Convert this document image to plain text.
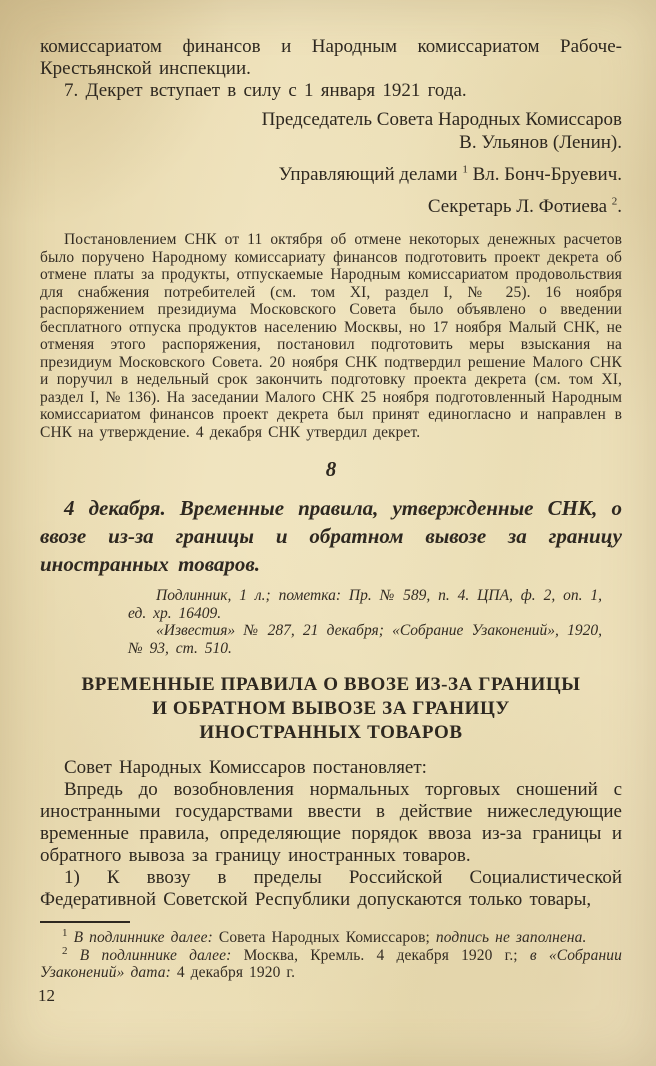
комиссариатом финансов и Народным комиссариатом Рабоче-Крестьянской инспекции.

7. Декрет вступает в силу с 1 января 1921 года.

Председатель Совета Народных Комиссаров

В. Ульянов (Ленин).

Управляющий делами $^1$ Вл. Бонч-Бруевич.

Секретарь Л. Фотиева $^2$.

Постановлением СНК от 11 октября об отмене некоторых денежных расчетов было поручено Народному комиссариату финансов подготовить проект декрета об отмене платы за продукты, отпускаемые Народным комиссариатом продовольствия для снабжения потребителей (см. том XI, раздел I, № 25). 16 ноября распоряжением президиума Московского Совета было объявлено о введении бесплатного отпуска продуктов населению Москвы, но 17 ноября Малый СНК, не отменяя этого распоряжения, постановил подготовить меры взыскания на президиум Московского Совета. 20 ноября СНК подтвердил решение Малого СНК и поручил в недельный срок закончить подготовку проекта декрета (см. том XI, раздел I, № 136). На заседании Малого СНК 25 ноября подготовленный Народным комиссариатом финансов проект декрета был принят единогласно и направлен в СНК на утверждение. 4 декабря СНК утвердил декрет.

8

4 декабря. Временные правила, утвержденные СНК, о ввозе из-за границы и обратном вывозе за границу иностранных товаров.

Подлинник, 1 л.; пометка: Пр. № 589, п. 4. ЦПА, ф. 2, оп. 1, ед. хр. 16409.

«Известия» № 287, 21 декабря; «Собрание Узаконений», 1920, № 93, ст. 510.

ВРЕМЕННЫЕ ПРАВИЛА О ВВОЗЕ ИЗ-ЗА ГРАНИЦЫ

И ОБРАТНОМ ВЫВОЗЕ ЗА ГРАНИЦУ

ИНОСТРАННЫХ ТОВАРОВ

Совет Народных Комиссаров постановляет:

Впредь до возобновления нормальных торговых сношений с иностранными государствами ввести в действие нижеследующие временные правила, определяющие порядок ввоза из-за границы и обратного вывоза за границу иностранных товаров.

1) К ввозу в пределы Российской Социалистической Федеративной Советской Республики допускаются только товары,

$^1$ В подлиннике далее: Совета Народных Комиссаров; подпись не заполнена.

$^2$ В подлиннике далее: Москва, Кремль. 4 декабря 1920 г.; в «Собрании Узаконений» дата: 4 декабря 1920 г.

12
